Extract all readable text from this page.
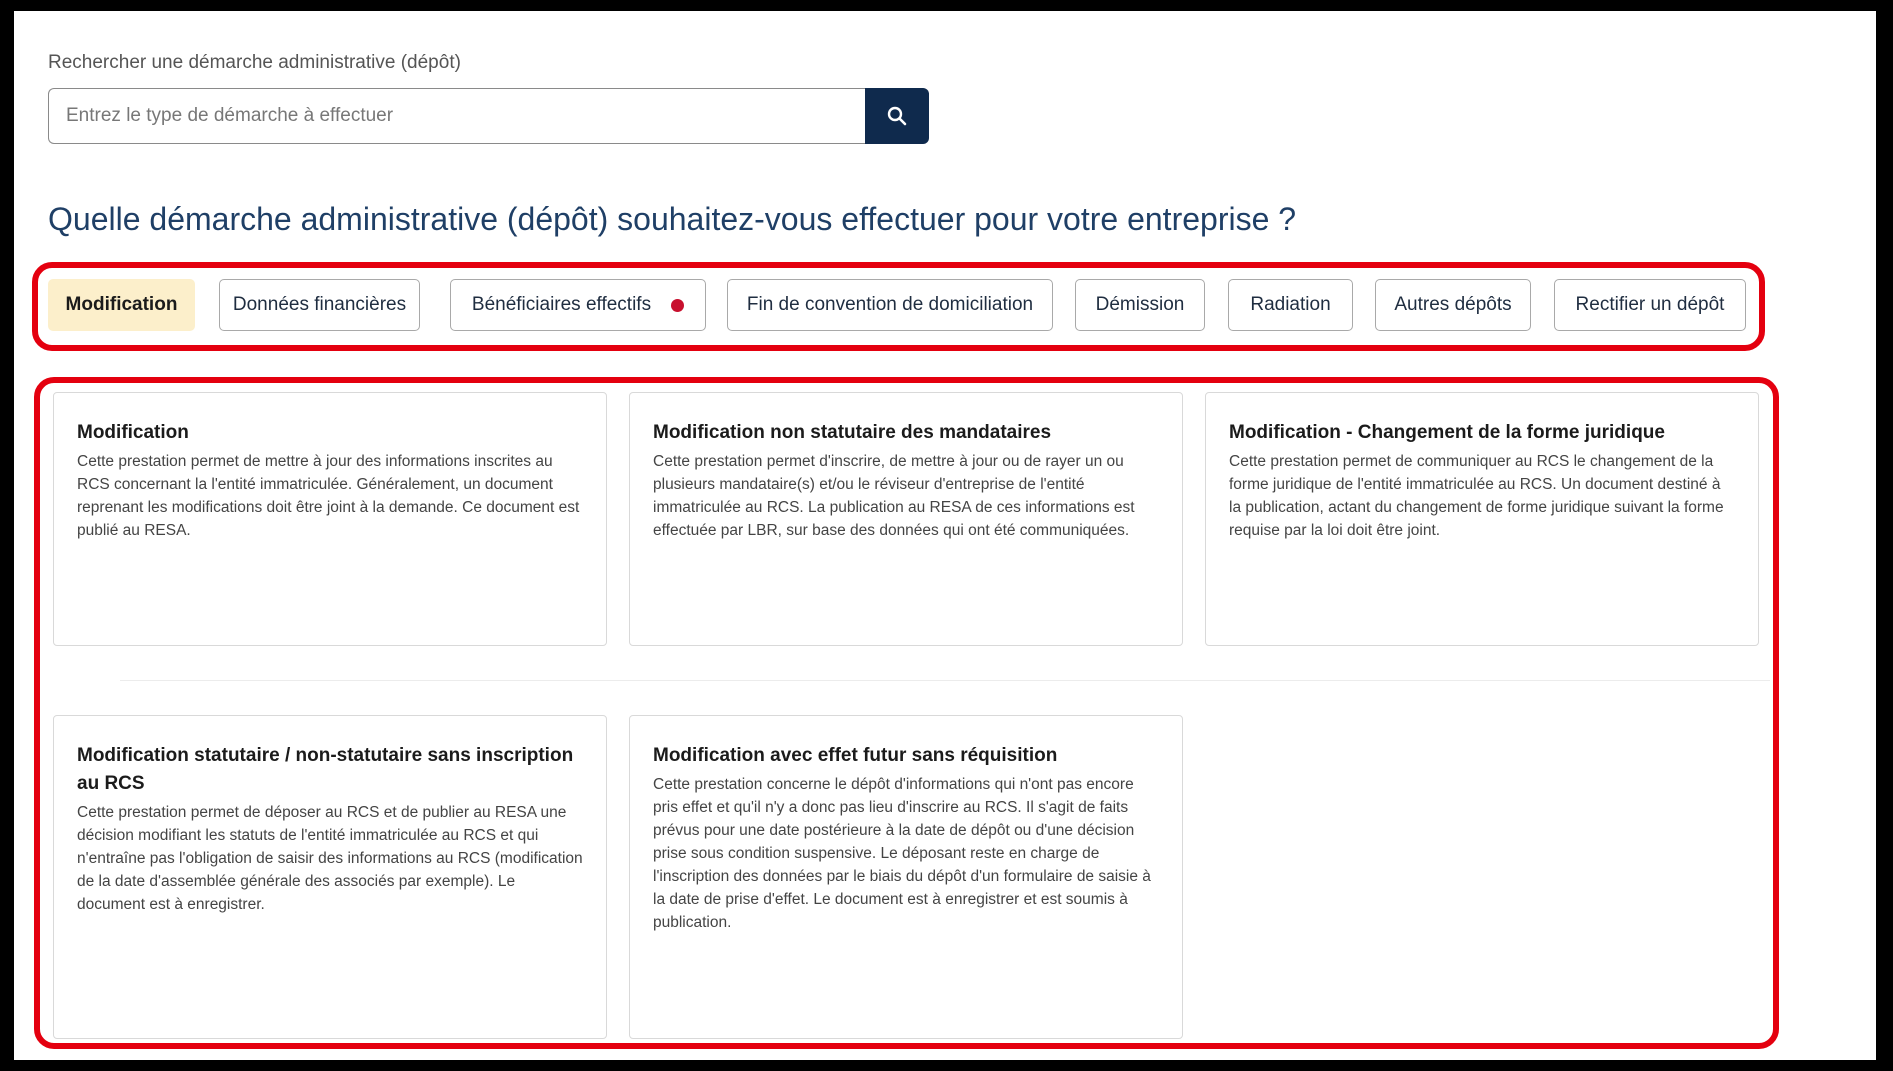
Rechercher une démarche administrative (dépôt)
Entrez le type de démarche à effectuer
Quelle démarche administrative (dépôt) souhaitez-vous effectuer pour votre entreprise ?
Modification	Données financières	Bénéficiaires effectifs	Fin de convention de domiciliation	Démission	Radiation	Autres dépôts	Rectifier un dépôt
Modification
Cette prestation permet de mettre à jour des informations inscrites au RCS concernant la l'entité immatriculée. Généralement, un document reprenant les modifications doit être joint à la demande. Ce document est publié au RESA.
Modification non statutaire des mandataires
Cette prestation permet d'inscrire, de mettre à jour ou de rayer un ou plusieurs mandataire(s) et/ou le réviseur d'entreprise de l'entité immatriculée au RCS. La publication au RESA de ces informations est effectuée par LBR, sur base des données qui ont été communiquées.
Modification - Changement de la forme juridique
Cette prestation permet de communiquer au RCS le changement de la forme juridique de l'entité immatriculée au RCS. Un document destiné à la publication, actant du changement de forme juridique suivant la forme requise par la loi doit être joint.
Modification statutaire / non-statutaire sans inscription au RCS
Cette prestation permet de déposer au RCS et de publier au RESA une décision modifiant les statuts de l'entité immatriculée au RCS et qui n'entraîne pas l'obligation de saisir des informations au RCS (modification de la date d'assemblée générale des associés par exemple). Le document est à enregistrer.
Modification avec effet futur sans réquisition
Cette prestation concerne le dépôt d'informations qui n'ont pas encore pris effet et qu'il n'y a donc pas lieu d'inscrire au RCS. Il s'agit de faits prévus pour une date postérieure à la date de dépôt ou d'une décision prise sous condition suspensive. Le déposant reste en charge de l'inscription des données par le biais du dépôt d'un formulaire de saisie à la date de prise d'effet. Le document est à enregistrer et est soumis à publication.
